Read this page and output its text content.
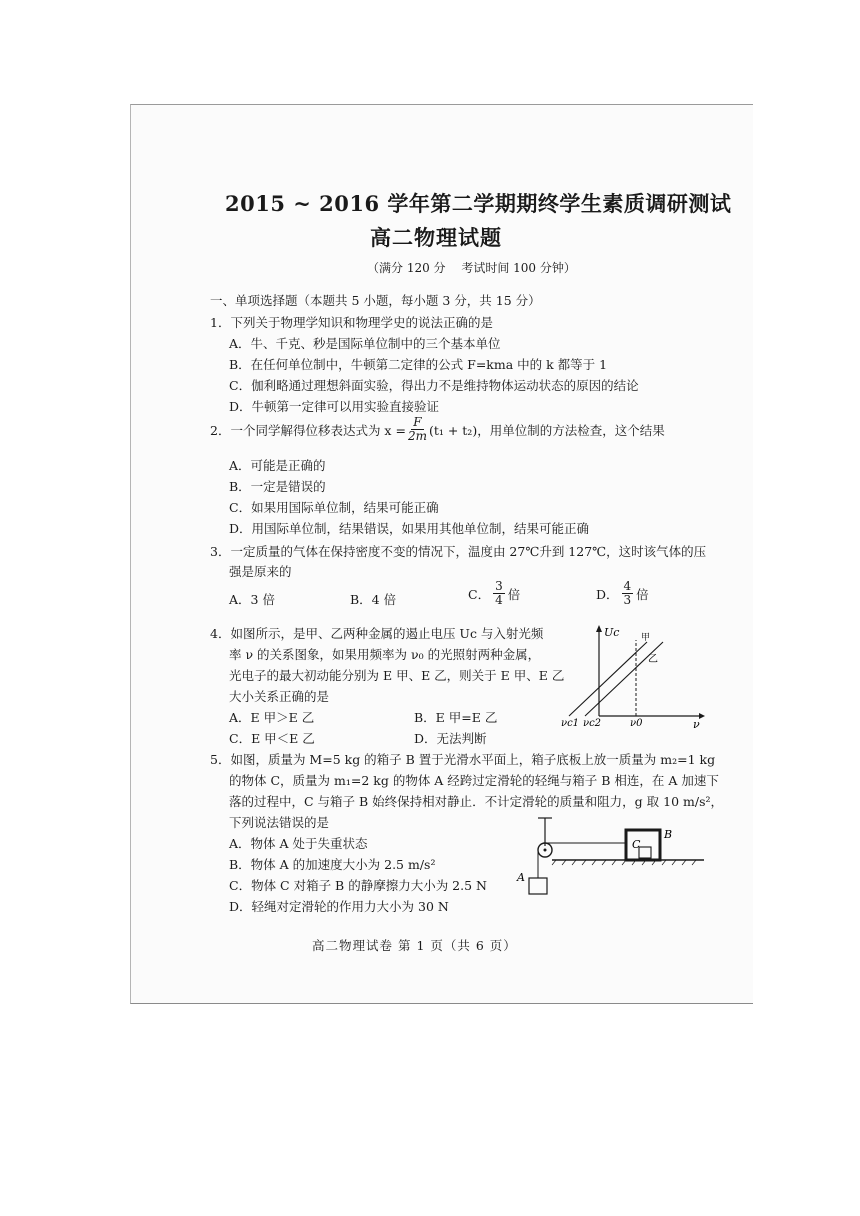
2015 ~ 2016 学年第二学期期终学生素质调研测试
高二物理试题
（满分 120 分　 考试时间 100 分钟）
一、单项选择题（本题共 5 小题，每小题 3 分，共 15 分）
1．下列关于物理学知识和物理学史的说法正确的是
A．牛、千克、秒是国际单位制中的三个基本单位
B．在任何单位制中，牛顿第二定律的公式 F=kma 中的 k 都等于 1
C．伽利略通过理想斜面实验，得出力不是维持物体运动状态的原因的结论
D．牛顿第一定律可以用实验直接验证
2．一个同学解得位移表达式为 $x = \frac{F}{2m} (t_1 + t_2)$，用单位制的方法检查，这个结果
A．可能是正确的
B．一定是错误的
C．如果用国际单位制，结果可能正确
D．用国际单位制，结果错误，如果用其他单位制，结果可能正确
3．一定质量的气体在保持密度不变的情况下，温度由 27℃升到 127℃，这时该气体的压
强是原来的
A．3 倍	B．4 倍	C． $\frac{3}{4}$ 倍	D． $\frac{4}{3}$ 倍
4．如图所示，是甲、乙两种金属的遏止电压 Uc 与入射光频
率 ν 的关系图象，如果用频率为 ν₀ 的光照射两种金属，
光电子的最大初动能分别为 E 甲、E 乙，则关于 E 甲、E 乙
大小关系正确的是
A．E 甲＞E 乙	B．E 甲=E 乙
C．E 甲＜E 乙	D．无法判断
Uc
ν
甲
乙
νc1 νc2	ν0
5．如图，质量为 M=5 kg 的箱子 B 置于光滑水平面上，箱子底板上放一质量为 m₂=1 kg
的物体 C，质量为 m₁=2 kg 的物体 A 经跨过定滑轮的轻绳与箱子 B 相连，在 A 加速下
落的过程中，C 与箱子 B 始终保持相对静止．不计定滑轮的质量和阻力，g 取 10 m/s²，
下列说法错误的是
A．物体 A 处于失重状态
B．物体 A 的加速度大小为 2.5 m/s²
C．物体 C 对箱子 B 的静摩擦力大小为 2.5 N
D．轻绳对定滑轮的作用力大小为 30 N
A
C
B
高二物理试卷 第 1 页（共 6 页）
